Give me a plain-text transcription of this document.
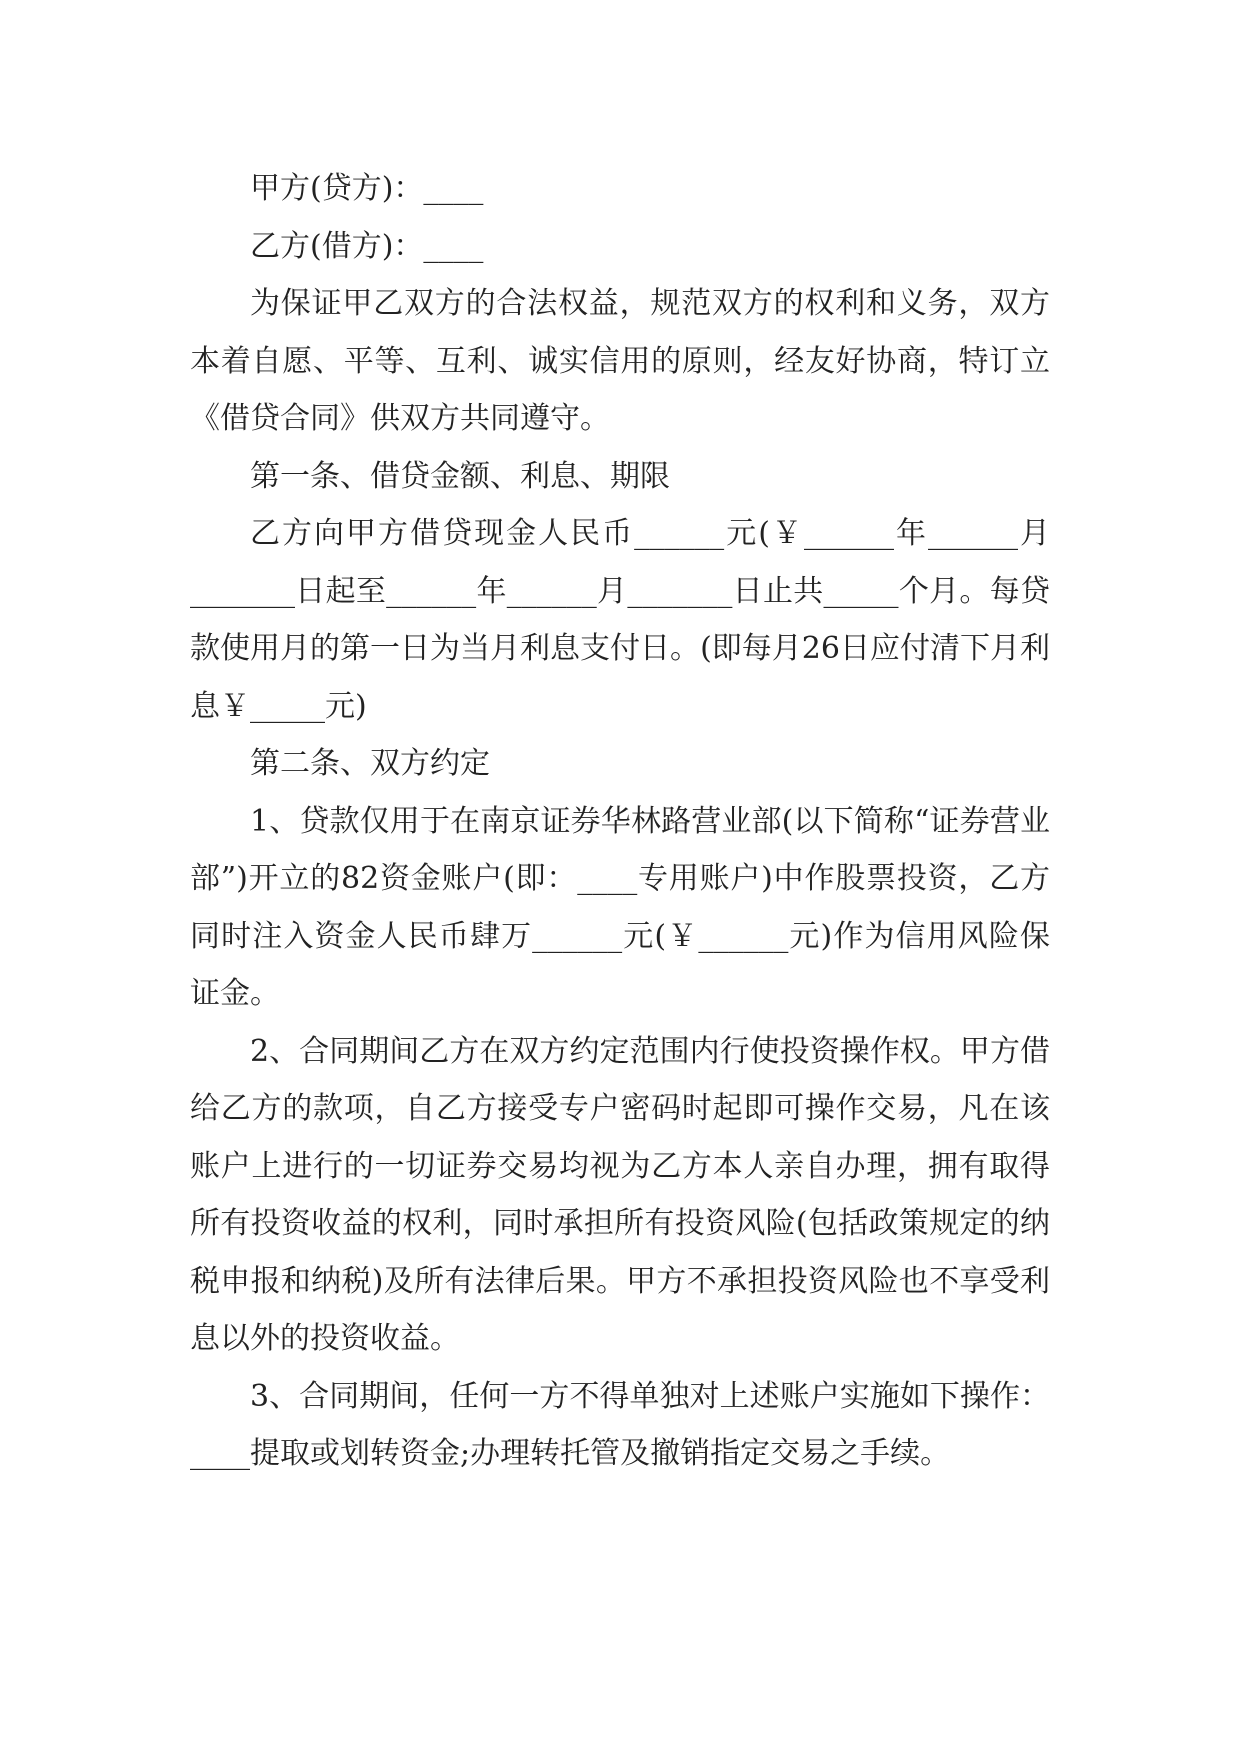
甲方(贷方)：____

乙方(借方)：____

为保证甲乙双方的合法权益，规范双方的权利和义务，双方本着自愿、平等、互利、诚实信用的原则，经友好协商，特订立《借贷合同》供双方共同遵守。

第一条、借贷金额、利息、期限

乙方向甲方借贷现金人民币______元(￥______年______月_______日起至______年______月_______日止共_____个月。每贷款使用月的第一日为当月利息支付日。(即每月26日应付清下月利息￥_____元)

第二条、双方约定

1、贷款仅用于在南京证券华林路营业部(以下简称“证券营业部”)开立的82资金账户(即：____专用账户)中作股票投资，乙方同时注入资金人民币肆万______元(￥______元)作为信用风险保证金。

2、合同期间乙方在双方约定范围内行使投资操作权。甲方借给乙方的款项，自乙方接受专户密码时起即可操作交易，凡在该账户上进行的一切证券交易均视为乙方本人亲自办理，拥有取得所有投资收益的权利，同时承担所有投资风险(包括政策规定的纳税申报和纳税)及所有法律后果。甲方不承担投资风险也不享受利息以外的投资收益。

3、合同期间，任何一方不得单独对上述账户实施如下操作：____提取或划转资金;办理转托管及撤销指定交易之手续。
